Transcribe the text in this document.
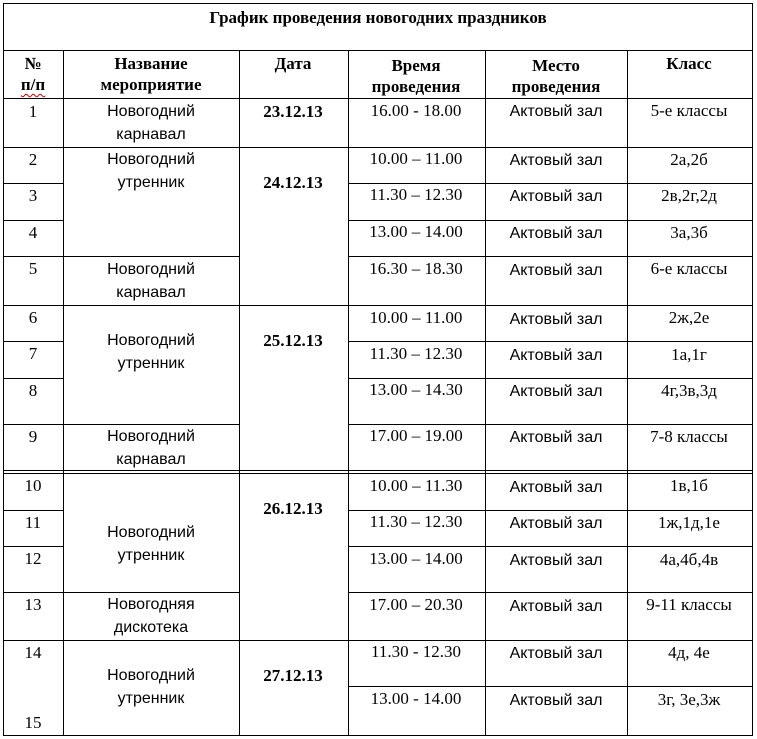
График проведения новогодних праздников
№
п/п
Название
мероприятие
Дата	Время
проведения
Место
проведения
Класс
1
2
3
4
5
6
7
8
9
10
11
12
13
14
15
Новогодний
карнавал
Новогодний
утренник
Новогодний
карнавал
Новогодний
утренник
Новогодний
карнавал
Новогодний
утренник
Новогодняя
дискотека
Новогодний
утренник
23.12.13
24.12.13
25.12.13
26.12.13
27.12.13
16.00 - 18.00
10.00 – 11.00
11.30 – 12.30
13.00 – 14.00
16.30 – 18.30
10.00 – 11.00
11.30 – 12.30
13.00 – 14.30
17.00 – 19.00
10.00 – 11.30
11.30 – 12.30
13.00 – 14.00
17.00 – 20.30
11.30 - 12.30
13.00 - 14.00
Актовый зал
Актовый зал
Актовый зал
Актовый зал
Актовый зал
Актовый зал
Актовый зал
Актовый зал
Актовый зал
Актовый зал
Актовый зал
Актовый зал
Актовый зал
Актовый зал
Актовый зал
5-е классы
2а,2б
2в,2г,2д
3а,3б
6-е классы
2ж,2е
1а,1г
4г,3в,3д
7-8 классы
1в,1б
1ж,1д,1е
4а,4б,4в
9-11 классы
4д, 4е
3г, 3е,3ж
